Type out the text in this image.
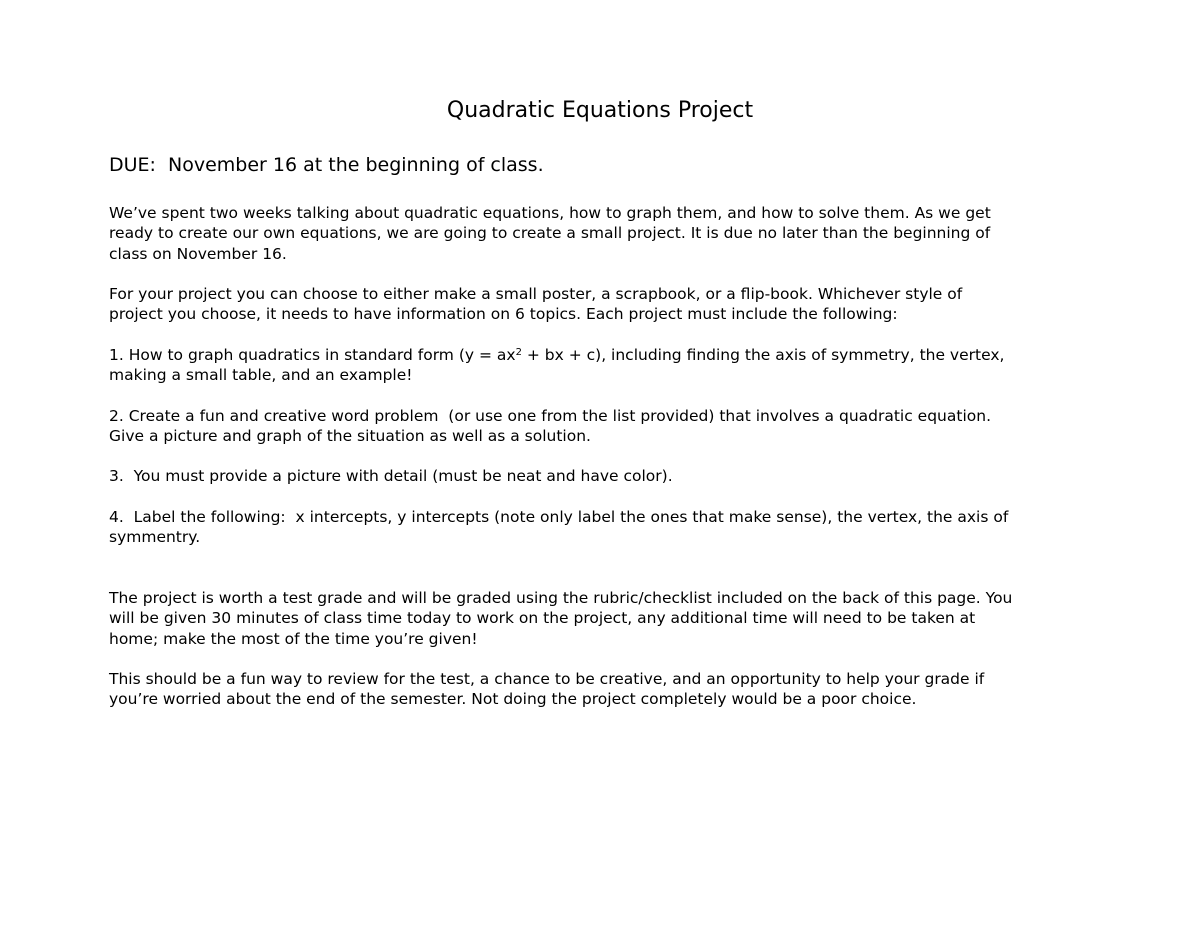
Quadratic Equations Project
DUE:  November 16 at the beginning of class.

We’ve spent two weeks talking about quadratic equations, how to graph them, and how to solve them. As we get
ready to create our own equations, we are going to create a small project. It is due no later than the beginning of
class on November 16.

For your project you can choose to either make a small poster, a scrapbook, or a flip-book. Whichever style of
project you choose, it needs to have information on 6 topics. Each project must include the following:

1. How to graph quadratics in standard form ($y = ax^2$ + bx + c), including finding the axis of symmetry, the vertex,
making a small table, and an example!

2. Create a fun and creative word problem  (or use one from the list provided) that involves a quadratic equation.
Give a picture and graph of the situation as well as a solution.

3.  You must provide a picture with detail (must be neat and have color).

4.  Label the following:  x intercepts, y intercepts (note only label the ones that make sense), the vertex, the axis of
symmentry.

The project is worth a test grade and will be graded using the rubric/checklist included on the back of this page. You
will be given 30 minutes of class time today to work on the project, any additional time will need to be taken at
home; make the most of the time you’re given!

This should be a fun way to review for the test, a chance to be creative, and an opportunity to help your grade if
you’re worried about the end of the semester. Not doing the project completely would be a poor choice.
